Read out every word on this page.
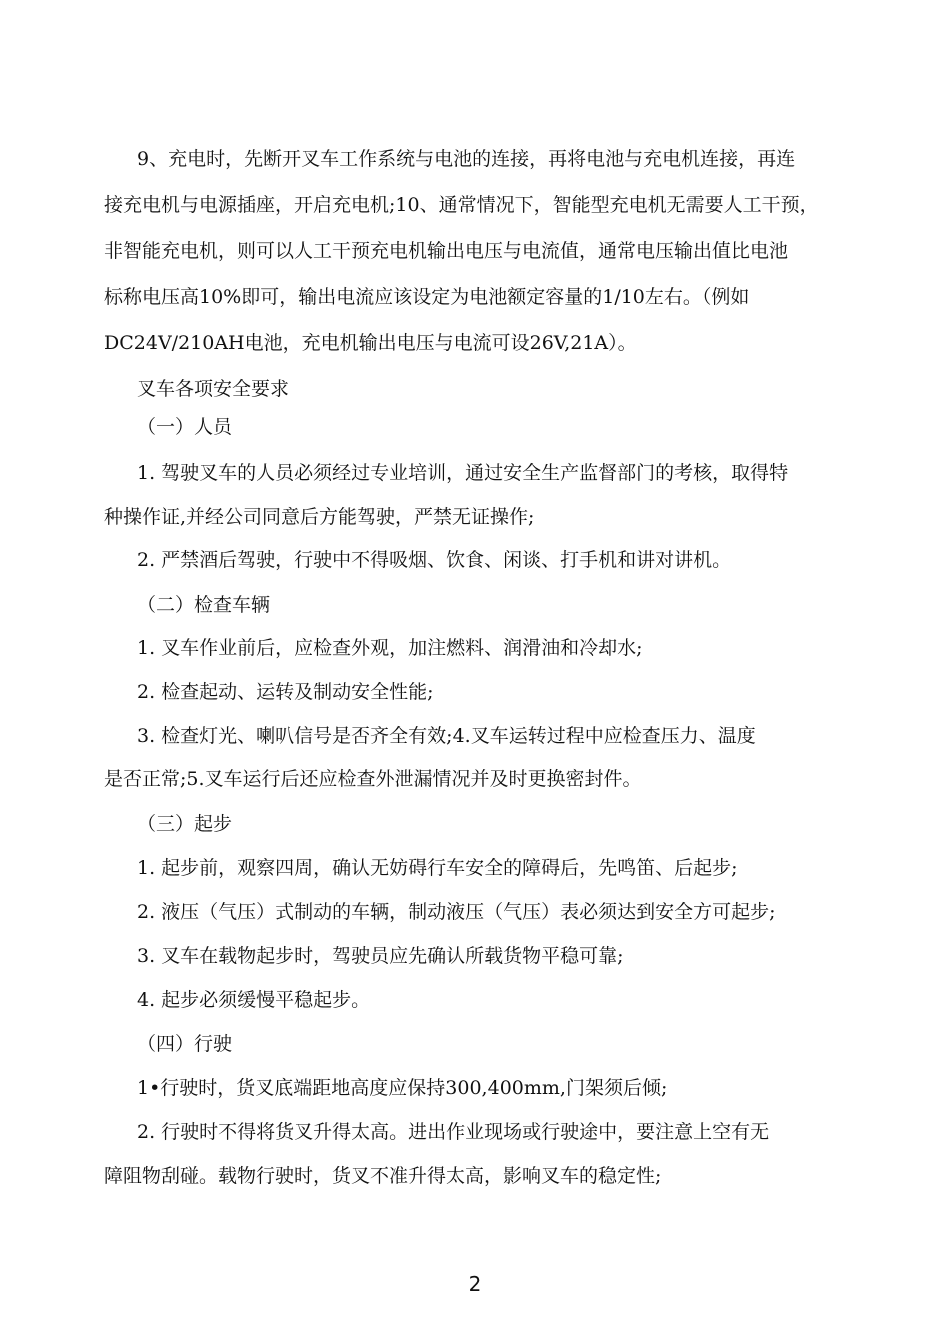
9、充电时，先断开叉车工作系统与电池的连接，再将电池与充电机连接，再连
接充电机与电源插座，开启充电机;10、通常情况下，智能型充电机无需要人工干预，
非智能充电机，则可以人工干预充电机输出电压与电流值，通常电压输出值比电池
标称电压高10%即可，输出电流应该设定为电池额定容量的1/10左右。（例如
DC24V/210AH电池，充电机输出电压与电流可设26V,21A）。
叉车各项安全要求
（一）人员
1. 驾驶叉车的人员必须经过专业培训，通过安全生产监督部门的考核，取得特
种操作证,并经公司同意后方能驾驶，严禁无证操作;
2. 严禁酒后驾驶，行驶中不得吸烟、饮食、闲谈、打手机和讲对讲机。
（二）检查车辆
1. 叉车作业前后，应检查外观，加注燃料、润滑油和冷却水;
2. 检查起动、运转及制动安全性能;
3. 检查灯光、喇叭信号是否齐全有效;4.叉车运转过程中应检查压力、温度
是否正常;5.叉车运行后还应检查外泄漏情况并及时更换密封件。
（三）起步
1. 起步前，观察四周，确认无妨碍行车安全的障碍后，先鸣笛、后起步;
2. 液压（气压）式制动的车辆，制动液压（气压）表必须达到安全方可起步;
3. 叉车在载物起步时，驾驶员应先确认所载货物平稳可靠;
4. 起步必须缓慢平稳起步。
（四）行驶
1•行驶时，货叉底端距地高度应保持300,400mm,门架须后倾;
2. 行驶时不得将货叉升得太高。进出作业现场或行驶途中，要注意上空有无
障阻物刮碰。载物行驶时，货叉不准升得太高，影响叉车的稳定性;
2
